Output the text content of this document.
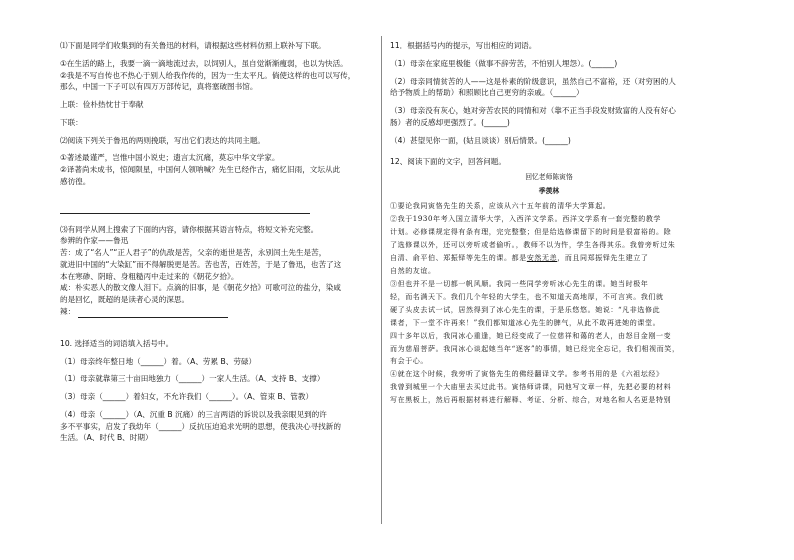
⑴下面是同学们收集到的有关鲁迅的材料，请根据这些材料仿照上联补写下联。

①在生活的路上，我要一滴一滴地流过去，以饲别人，虽自觉渐渐瘦弱，也以为快活。

②我是不写自传也不热心于别人给我作传的，因为一生太平凡。倘使这样的也可以写传，

那么，中国一下子可以有四万万部传记，真将塞破图书馆。

上联：俭朴热忱甘于奉献

下联：

⑵阅读下列关于鲁迅的两则挽联，写出它们表达的共同主题。

①著述最谨严，岂惟中国小说史；遗言太沉痛，莫忘中华文学家。

②译著尚未成书，惊闻陨星，中国何人领呐喊？先生已经作古，痛忆旧雨，文坛从此

感彷徨。

⑶有同学从网上搜索了下面的内容，请你根据其语言特点，将短文补充完整。

参辨的作家——鲁迅

苦：成了“名人”“正人君子”的仇敌是苦，父亲的逝世是苦，永别闰土先生是苦，

就进旧中国的“大染缸”而不得解脱更是苦。苦也苦，百姓苦，于是了鲁迅，也苦了这

本在寒碜、阴暗、身粗糙丙中走过来的《朝花夕拾》。

咸：朴实恶人的散文像人泪下。点滴的旧事，是《朝花夕拾》可歌可泣的盐分，染咸

的是回忆，既超的是读者心灵的深思。

辣：

10. 选择适当的词语填入括号中。

（1）母亲终年整日地（______）着。（A、劳累 B、劳碌）

（1）母亲就靠第三十亩田地独力（______）一家人生活。（A、支持 B、支撑）

（3）母亲（______）着妇女，不允许我们（______）。（A、管束 B、管教）

（4）母亲（______）（A、沉重 B 沉痛）的三言两语的诉说以及我亲眼见到的许

多不平事实，启发了我幼年（______）反抗压迫追求光明的思想，使我决心寻找新的

生活。（A、时代 B、时期）

11．根据括号内的提示，写出相应的词语。

（1）母亲在家庭里极能（做事不辞劳苦，不怕别人埋怨）。(______)

（2）母亲同情贫苦的人——这是朴素的阶级意识，虽然自己不富裕，还（对穷困的人

给予物质上的帮助）和照顾比自己更穷的亲戚。（______）

（3）母亲没有灰心，她对旁苦农民的同情和对（靠不正当手段发财致富的人没有好心

肠）者的反感却更强烈了。(______)

（4）甚望见你一面，(姑且谈谈）别后情景。(______)

12、阅读下面的文字，回答问题。

回忆老师陈寅恪

季羡林

①要论我同寅恪先生的关系，应该从六十五年前的清华大学算起。

②我于1930年考入国立清华大学，入西洋文学系。西洋文学系有一套完整的教学

计划。必修课规定得有条有理，完完整整；但是给选修课留下的时间是很富裕的。除

了选修课以外，还可以旁听或者偷听。，教师不以为忤，学生各得其乐。我曾旁听过朱

自清、俞平伯、郑振铎等先生的课。都是安然无恙，而且同郑振铎先生建立了

自然的友谊。

③但也并不是一切都一帆风顺。我同一些同学旁听冰心先生的课。她当时极年

轻，而名满天下。我们几个年轻的大学生，也不知道天高地厚，不可言宾。我们就

硬了头皮去试一试，居然得到了冰心先生的课，于是乐悠悠。她说：“凡非选修此

课者，下一堂不许再来！”我们都知道冰心先生的脾气，从此不敢再进她的课堂。

四十多年以后，我同冰心重逢，她已经变成了一位慈祥和蔼的老人，由怒目金刚一变

而为慈眉菩萨。我同冰心谈起她当年“逐客”的事情，她已经完全忘记，我们相视而笑，

有会于心。

④就在这个时候，我旁听了寅恪先生的佛经翻译文学。参考书用的是《六祖坛经》

我曾到城里一个大庙里去买过此书。寅恪师讲课，同他写文章一样，先把必要的材料

写在黑板上，然后再根据材料进行解释、考证、分析、综合，对地名和人名更是特别
